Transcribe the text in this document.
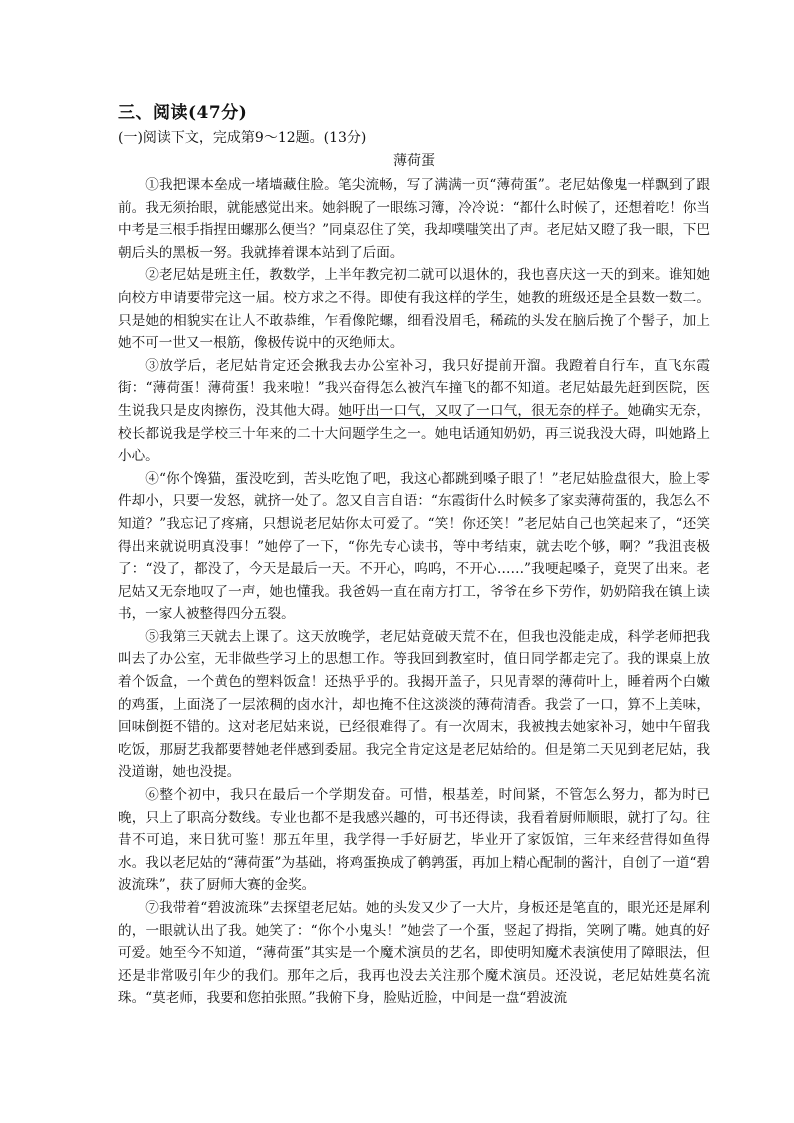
三、阅读(47分)

(一)阅读下文，完成第9～12题。(13分)

薄荷蛋

①我把课本垒成一堵墙藏住脸。笔尖流畅，写了满满一页“薄荷蛋”。老尼姑像鬼一样飘到了跟前。我无须抬眼，就能感觉出来。她斜睨了一眼练习簿，冷冷说：“都什么时候了，还想着吃！你当中考是三根手指捏田螺那么便当？”同桌忍住了笑，我却噗嗤笑出了声。老尼姑又瞪了我一眼，下巴朝后头的黑板一努。我就捧着课本站到了后面。

②老尼姑是班主任，教数学，上半年教完初二就可以退休的，我也喜庆这一天的到来。谁知她向校方申请要带完这一届。校方求之不得。即使有我这样的学生，她教的班级还是全县数一数二。只是她的相貌实在让人不敢恭维，乍看像陀螺，细看没眉毛，稀疏的头发在脑后挽了个髻子，加上她不可一世又一根筋，像极传说中的灭绝师太。

③放学后，老尼姑肯定还会揪我去办公室补习，我只好提前开溜。我蹬着自行车，直飞东霞街：“薄荷蛋！薄荷蛋！我来啦！”我兴奋得怎么被汽车撞飞的都不知道。老尼姑最先赶到医院，医生说我只是皮肉擦伤，没其他大碍。她吁出一口气，又叹了一口气，很无奈的样子。她确实无奈，校长都说我是学校三十年来的二十大问题学生之一。她电话通知奶奶，再三说我没大碍，叫她路上小心。

④“你个馋猫，蛋没吃到，苦头吃饱了吧，我这心都跳到嗓子眼了！”老尼姑脸盘很大，脸上零件却小，只要一发怒，就挤一处了。忽又自言自语：“东霞街什么时候多了家卖薄荷蛋的，我怎么不知道？”我忘记了疼痛，只想说老尼姑你太可爱了。“笑！你还笑！”老尼姑自己也笑起来了，“还笑得出来就说明真没事！”她停了一下，“你先专心读书，等中考结束，就去吃个够，啊？”我沮丧极了：“没了，都没了，今天是最后一天。不开心，呜呜，不开心……”我哽起嗓子，竟哭了出来。老尼姑又无奈地叹了一声，她也懂我。我爸妈一直在南方打工，爷爷在乡下劳作，奶奶陪我在镇上读书，一家人被整得四分五裂。

⑤我第三天就去上课了。这天放晚学，老尼姑竟破天荒不在，但我也没能走成，科学老师把我叫去了办公室，无非做些学习上的思想工作。等我回到教室时，值日同学都走完了。我的课桌上放着个饭盒，一个黄色的塑料饭盒！还热乎乎的。我揭开盖子，只见青翠的薄荷叶上，睡着两个白嫩的鸡蛋，上面浇了一层浓稠的卤水汁，却也掩不住这淡淡的薄荷清香。我尝了一口，算不上美味，回味倒挺不错的。这对老尼姑来说，已经很难得了。有一次周末，我被拽去她家补习，她中午留我吃饭，那厨艺我都要替她老伴感到委屈。我完全肯定这是老尼姑给的。但是第二天见到老尼姑，我没道谢，她也没提。

⑥整个初中，我只在最后一个学期发奋。可惜，根基差，时间紧，不管怎么努力，都为时已晚，只上了职高分数线。专业也都不是我感兴趣的，可书还得读，我看着厨师顺眼，就打了勾。往昔不可追，来日犹可鉴！那五年里，我学得一手好厨艺，毕业开了家饭馆，三年来经营得如鱼得水。我以老尼姑的“薄荷蛋”为基础，将鸡蛋换成了鹌鹑蛋，再加上精心配制的酱汁，自创了一道“碧波流珠”，获了厨师大赛的金奖。

⑦我带着“碧波流珠”去探望老尼姑。她的头发又少了一大片，身板还是笔直的，眼光还是犀利的，一眼就认出了我。她笑了：“你个小鬼头！”她尝了一个蛋，竖起了拇指，笑咧了嘴。她真的好可爱。她至今不知道，“薄荷蛋”其实是一个魔术演员的艺名，即使明知魔术表演使用了障眼法，但还是非常吸引年少的我们。那年之后，我再也没去关注那个魔术演员。还没说，老尼姑姓莫名流珠。“莫老师，我要和您拍张照。”我俯下身，脸贴近脸，中间是一盘“碧波流
